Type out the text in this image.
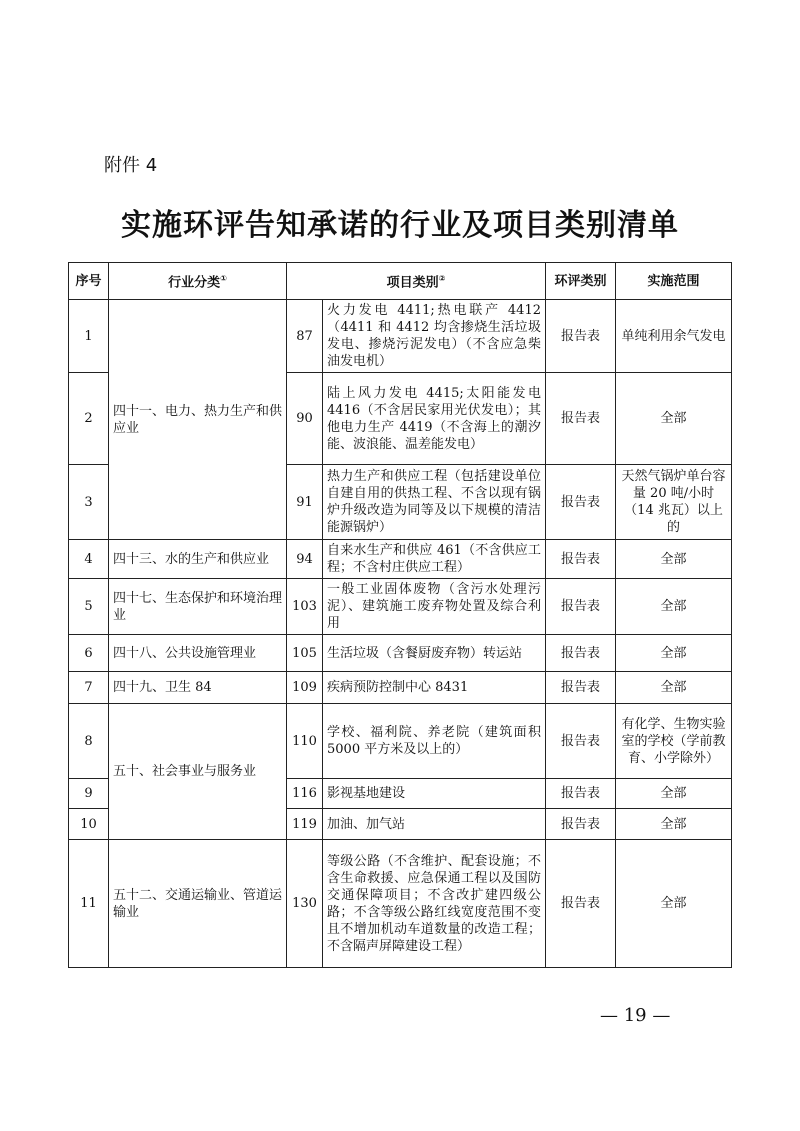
附件 4
实施环评告知承诺的行业及项目类别清单
序号	行业分类①	项目类别②		环评类别	实施范围
1	四十一、电力、热力生产和供应业	87	火力发电 4411;热电联产 4412（4411 和 4412 均含掺烧生活垃圾发电、掺烧污泥发电）（不含应急柴油发电机）	报告表	单纯利用余气发电
2		90	陆上风力发电 4415;太阳能发电 4416（不含居民家用光伏发电）；其他电力生产 4419（不含海上的潮汐能、波浪能、温差能发电）	报告表	全部
3		91	热力生产和供应工程（包括建设单位自建自用的供热工程、不含以现有锅炉升级改造为同等及以下规模的清洁能源锅炉）	报告表	天然气锅炉单台容量 20 吨/小时（14 兆瓦）以上的
4	四十三、水的生产和供应业	94	自来水生产和供应 461（不含供应工程；不含村庄供应工程）	报告表	全部
5	四十七、生态保护和环境治理业	103	一般工业固体废物（含污水处理污泥）、建筑施工废弃物处置及综合利用	报告表	全部
6	四十八、公共设施管理业	105	生活垃圾（含餐厨废弃物）转运站	报告表	全部
7	四十九、卫生 84	109	疾病预防控制中心 8431	报告表	全部
8	五十、社会事业与服务业	110	学校、福利院、养老院（建筑面积 5000 平方米及以上的）	报告表	有化学、生物实验室的学校（学前教育、小学除外）
9		116	影视基地建设	报告表	全部
10		119	加油、加气站	报告表	全部
11	五十二、交通运输业、管道运输业	130	等级公路（不含维护、配套设施；不含生命救援、应急保通工程以及国防交通保障项目；不含改扩建四级公路；不含等级公路红线宽度范围不变且不增加机动车道数量的改造工程；不含隔声屏障建设工程）	报告表	全部
— 19 —
